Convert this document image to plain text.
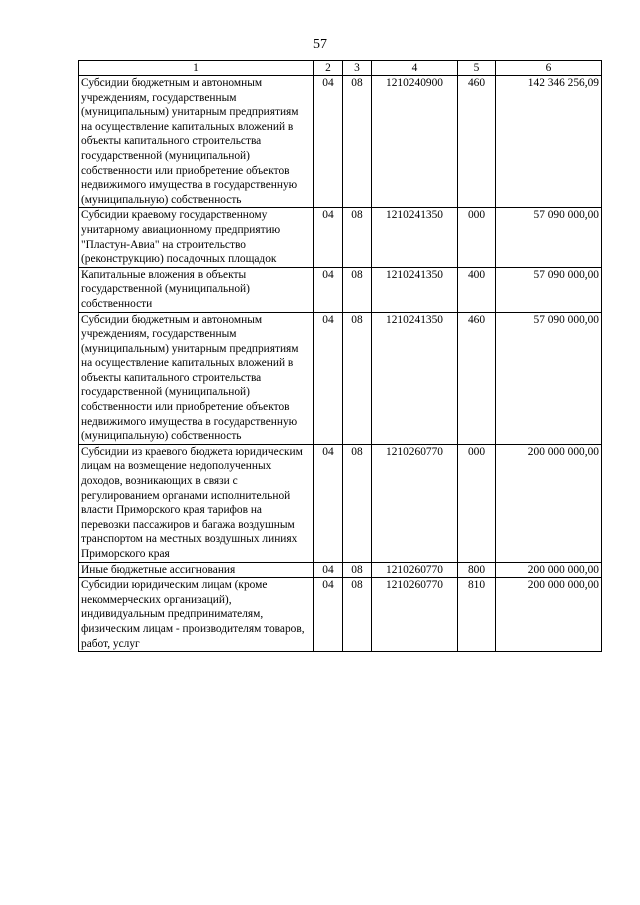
57
1	2	3	4	5	6
Субсидии бюджетным и автономным учреждениям, государственным (муниципальным) унитарным предприятиям на осуществление капитальных вложений в объекты капитального строительства государственной (муниципальной) собственности или приобретение объектов недвижимого имущества в государственную (муниципальную) собственность	04	08	1210240900	460	142 346 256,09
Субсидии краевому государственному унитарному авиационному предприятию "Пластун-Авиа" на строительство (реконструкцию) посадочных площадок	04	08	1210241350	000	57 090 000,00
Капитальные вложения в объекты государственной (муниципальной) собственности	04	08	1210241350	400	57 090 000,00
Субсидии бюджетным и автономным учреждениям, государственным (муниципальным) унитарным предприятиям на осуществление капитальных вложений в объекты капитального строительства государственной (муниципальной) собственности или приобретение объектов недвижимого имущества в государственную (муниципальную) собственность	04	08	1210241350	460	57 090 000,00
Субсидии из краевого бюджета юридическим лицам на возмещение недополученных доходов, возникающих в связи с регулированием органами исполнительной власти Приморского края тарифов на перевозки пассажиров и багажа воздушным транспортом на местных воздушных линиях Приморского края	04	08	1210260770	000	200 000 000,00
Иные бюджетные ассигнования	04	08	1210260770	800	200 000 000,00
Субсидии юридическим лицам (кроме некоммерческих организаций), индивидуальным предпринимателям, физическим лицам - производителям товаров, работ, услуг	04	08	1210260770	810	200 000 000,00
